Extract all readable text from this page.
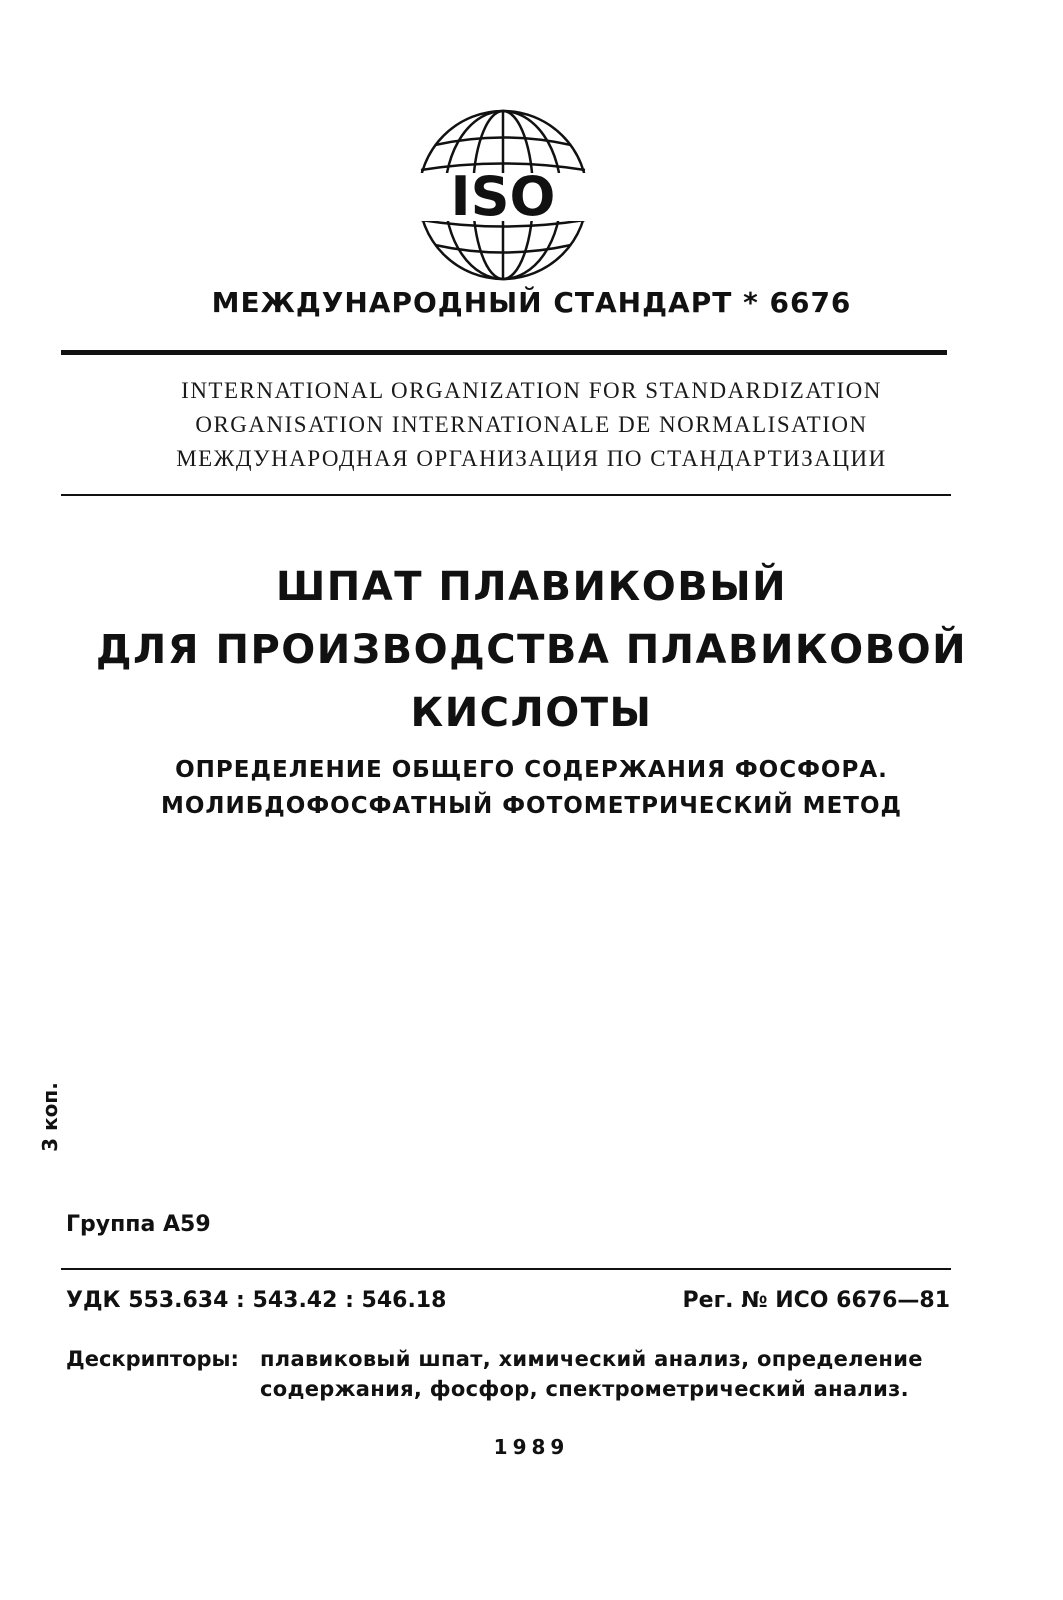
ISO
МЕЖДУНАРОДНЫЙ СТАНДАРТ * 6676
INTERNATIONAL ORGANIZATION FOR STANDARDIZATION
ORGANISATION INTERNATIONALE DE NORMALISATION
МЕЖДУНАРОДНАЯ ОРГАНИЗАЦИЯ ПО СТАНДАРТИЗАЦИИ
ШПАТ ПЛАВИКОВЫЙ
ДЛЯ ПРОИЗВОДСТВА ПЛАВИКОВОЙ
КИСЛОТЫ
ОПРЕДЕЛЕНИЕ ОБЩЕГО СОДЕРЖАНИЯ ФОСФОРА.
МОЛИБДОФОСФАТНЫЙ ФОТОМЕТРИЧЕСКИЙ МЕТОД
3 коп.
Группа А59
УДК 553.634 : 543.42 : 546.18	Рег. № ИСО 6676—81
Дескрипторы: плавиковый шпат, химический анализ, определение
содержания, фосфор, спектрометрический анализ.
1989
